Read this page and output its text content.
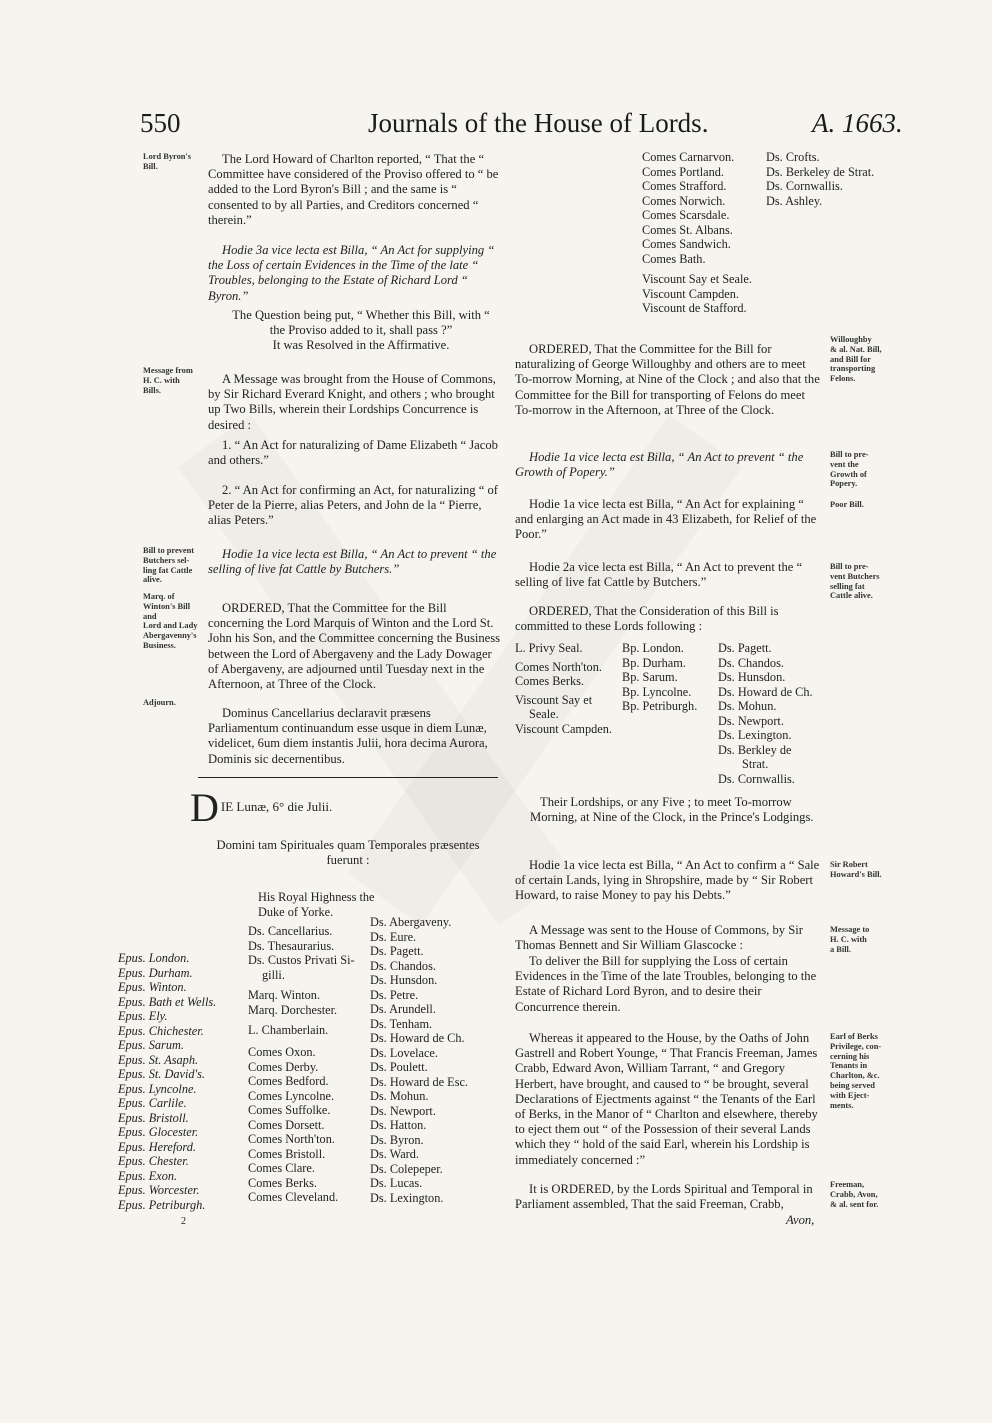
550	Journals of the House of Lords.	A. 1663.
Lord Byron's
Bill.

The Lord Howard of Charlton reported, “ That the “ Committee have considered of the Proviso offered to “ be added to the Lord Byron's Bill ; and the same is “ consented to by all Parties, and Creditors concerned “ therein.”

Hodie 3a vice lecta est Billa, “ An Act for supplying “ the Loss of certain Evidences in the Time of the late “ Troubles, belonging to the Estate of Richard Lord “ Byron.”

The Question being put, “ Whether this Bill, with “ the Proviso added to it, shall pass ?”

It was Resolved in the Affirmative.

Message from
H. C. with
Bills.

A Message was brought from the House of Commons, by Sir Richard Everard Knight, and others ; who brought up Two Bills, wherein their Lordships Concurrence is desired :

1. “ An Act for naturalizing of Dame Elizabeth “ Jacob and others.”

2. “ An Act for confirming an Act, for naturalizing “ of Peter de la Pierre, alias Peters, and John de la “ Pierre, alias Peters.”

Bill to prevent
Butchers sel-
ling fat Cattle
alive.

Hodie 1a vice lecta est Billa, “ An Act to prevent “ the selling of live fat Cattle by Butchers.”

Marq. of
Winton's Bill
and
Lord and Lady
Abergavenny's
Business.

ORDERED, That the Committee for the Bill concerning the Lord Marquis of Winton and the Lord St. John his Son, and the Committee concerning the Business between the Lord of Abergaveny and the Lady Dowager of Abergaveny, are adjourned until Tuesday next in the Afternoon, at Three of the Clock.

Adjourn.

Dominus Cancellarius declaravit præsens Parliamentum continuandum esse usque in diem Lunæ, videlicet, 6um diem instantis Julii, hora decima Aurora, Dominis sic decernentibus.

D IE Lunæ, 6° die Julii.

Domini tam Spirituales quam Temporales præsentes fuerunt :

His Royal Highness the Duke of Yorke.
Epus. London.
Epus. Durham.
Epus. Winton.
Epus. Bath et Wells.
Epus. Ely.
Epus. Chichester.
Epus. Sarum.
Epus. St. Asaph.
Epus. St. David's.
Epus. Lyncolne.
Epus. Carlile.
Epus. Bristoll.
Epus. Glocester.
Epus. Hereford.
Epus. Chester.
Epus. Exon.
Epus. Worcester.
Epus. Petriburgh.
Ds. Cancellarius.
Ds. Thesaurarius.
Ds. Custos Privati Si-
gilli.
Marq. Winton.
Marq. Dorchester.
L. Chamberlain.
Comes Oxon.
Comes Derby.
Comes Bedford.
Comes Lyncolne.
Comes Suffolke.
Comes Dorsett.
Comes North'ton.
Comes Bristoll.
Comes Clare.
Comes Berks.
Comes Cleveland.
Ds. Abergaveny.
Ds. Eure.
Ds. Pagett.
Ds. Chandos.
Ds. Hunsdon.
Ds. Petre.
Ds. Arundell.
Ds. Tenham.
Ds. Howard de Ch.
Ds. Lovelace.
Ds. Poulett.
Ds. Howard de Esc.
Ds. Mohun.
Ds. Newport.
Ds. Hatton.
Ds. Byron.
Ds. Ward.
Ds. Colepeper.
Ds. Lucas.
Ds. Lexington.
2
Comes Carnarvon.
Comes Portland.
Comes Strafford.
Comes Norwich.
Comes Scarsdale.
Comes St. Albans.
Comes Sandwich.
Comes Bath.
Viscount Say et Seale.
Viscount Campden.
Viscount de Stafford.
Ds. Crofts.
Ds. Berkeley de Strat.
Ds. Cornwallis.
Ds. Ashley.

ORDERED, That the Committee for the Bill for naturalizing of George Willoughby and others are to meet To-morrow Morning, at Nine of the Clock ; and also that the Committee for the Bill for transporting of Felons do meet To-morrow in the Afternoon, at Three of the Clock.

Willoughby
& al. Nat. Bill,
and Bill for
transporting
Felons.

Hodie 1a vice lecta est Billa, “ An Act to prevent “ the Growth of Popery.”

Bill to pre-
vent the
Growth of
Popery.

Hodie 1a vice lecta est Billa, “ An Act for explaining “ and enlarging an Act made in 43 Elizabeth, for Relief of the Poor.”

Poor Bill.

Hodie 2a vice lecta est Billa, “ An Act to prevent the “ selling of live fat Cattle by Butchers.”

Bill to pre-
vent Butchers
selling fat
Cattle alive.

ORDERED, That the Consideration of this Bill is committed to these Lords following :

L. Privy Seal.
Comes North'ton.
Comes Berks.
Viscount Say et
Seale.
Viscount Campden.
Bp. London.
Bp. Durham.
Bp. Sarum.
Bp. Lyncolne.
Bp. Petriburgh.
Ds. Pagett.
Ds. Chandos.
Ds. Hunsdon.
Ds. Howard de Ch.
Ds. Mohun.
Ds. Newport.
Ds. Lexington.
Ds. Berkley de
Strat.
Ds. Cornwallis.

Their Lordships, or any Five ; to meet To-morrow Morning, at Nine of the Clock, in the Prince's Lodgings.

Hodie 1a vice lecta est Billa, “ An Act to confirm a “ Sale of certain Lands, lying in Shropshire, made by “ Sir Robert Howard, to raise Money to pay his Debts.”

Sir Robert
Howard's Bill.

A Message was sent to the House of Commons, by Sir Thomas Bennett and Sir William Glascocke :

Message to
H. C. with
a Bill.

To deliver the Bill for supplying the Loss of certain Evidences in the Time of the late Troubles, belonging to the Estate of Richard Lord Byron, and to desire their Concurrence therein.

Whereas it appeared to the House, by the Oaths of John Gastrell and Robert Younge, “ That Francis Freeman, James Crabb, Edward Avon, William Tarrant, “ and Gregory Herbert, have brought, and caused to “ be brought, several Declarations of Ejectments against “ the Tenants of the Earl of Berks, in the Manor of “ Charlton and elsewhere, thereby to eject them out “ of the Possession of their several Lands which they “ hold of the said Earl, wherein his Lordship is immediately concerned :”

Earl of Berks
Privilege, con-
cerning his
Tenants in
Charlton, &c.
being served
with Eject-
ments.

It is ORDERED, by the Lords Spiritual and Temporal in Parliament assembled, That the said Freeman, Crabb,

Avon,
Freeman,
Crabb, Avon,
& al. sent for.
